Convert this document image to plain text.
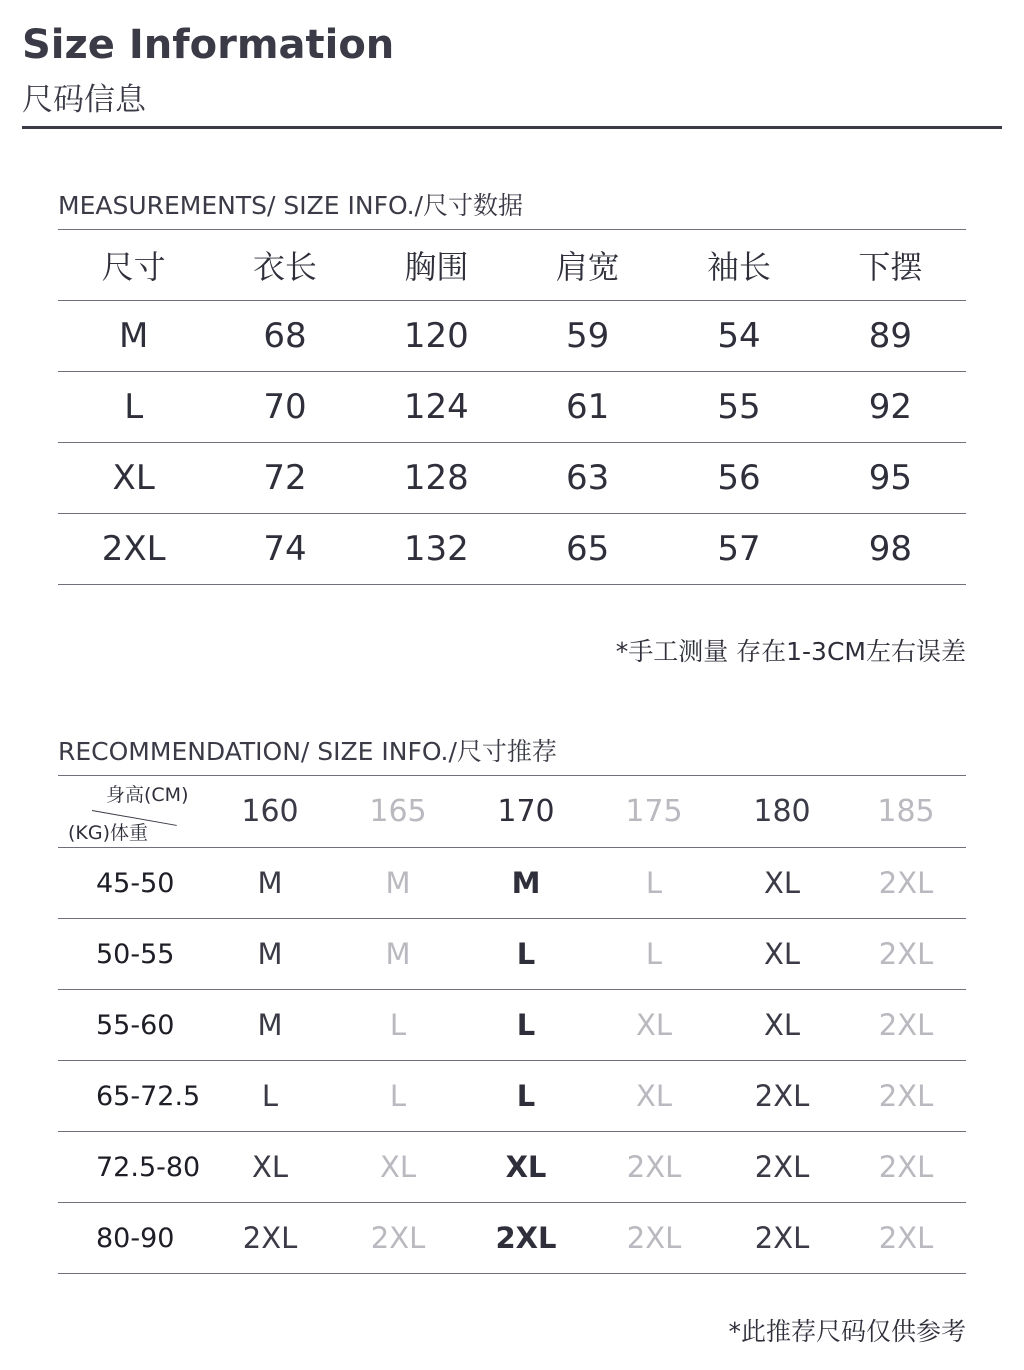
Size Information
尺码信息
MEASUREMENTS/ SIZE INFO./尺寸数据
尺寸	衣长	胸围	肩宽	袖长	下摆
M	68	120	59	54	89
L	70	124	61	55	92
XL	72	128	63	56	95
2XL	74	132	65	57	98
*手工测量 存在1-3CM左右误差
RECOMMENDATION/ SIZE INFO./尺寸推荐
身高(CM)
(KG)体重	160	165	170	175	180	185
45-50	M	M	M	L	XL	2XL
50-55	M	M	L	L	XL	2XL
55-60	M	L	L	XL	XL	2XL
65-72.5	L	L	L	XL	2XL	2XL
72.5-80	XL	XL	XL	2XL	2XL	2XL
80-90	2XL	2XL	2XL	2XL	2XL	2XL
*此推荐尺码仅供参考
